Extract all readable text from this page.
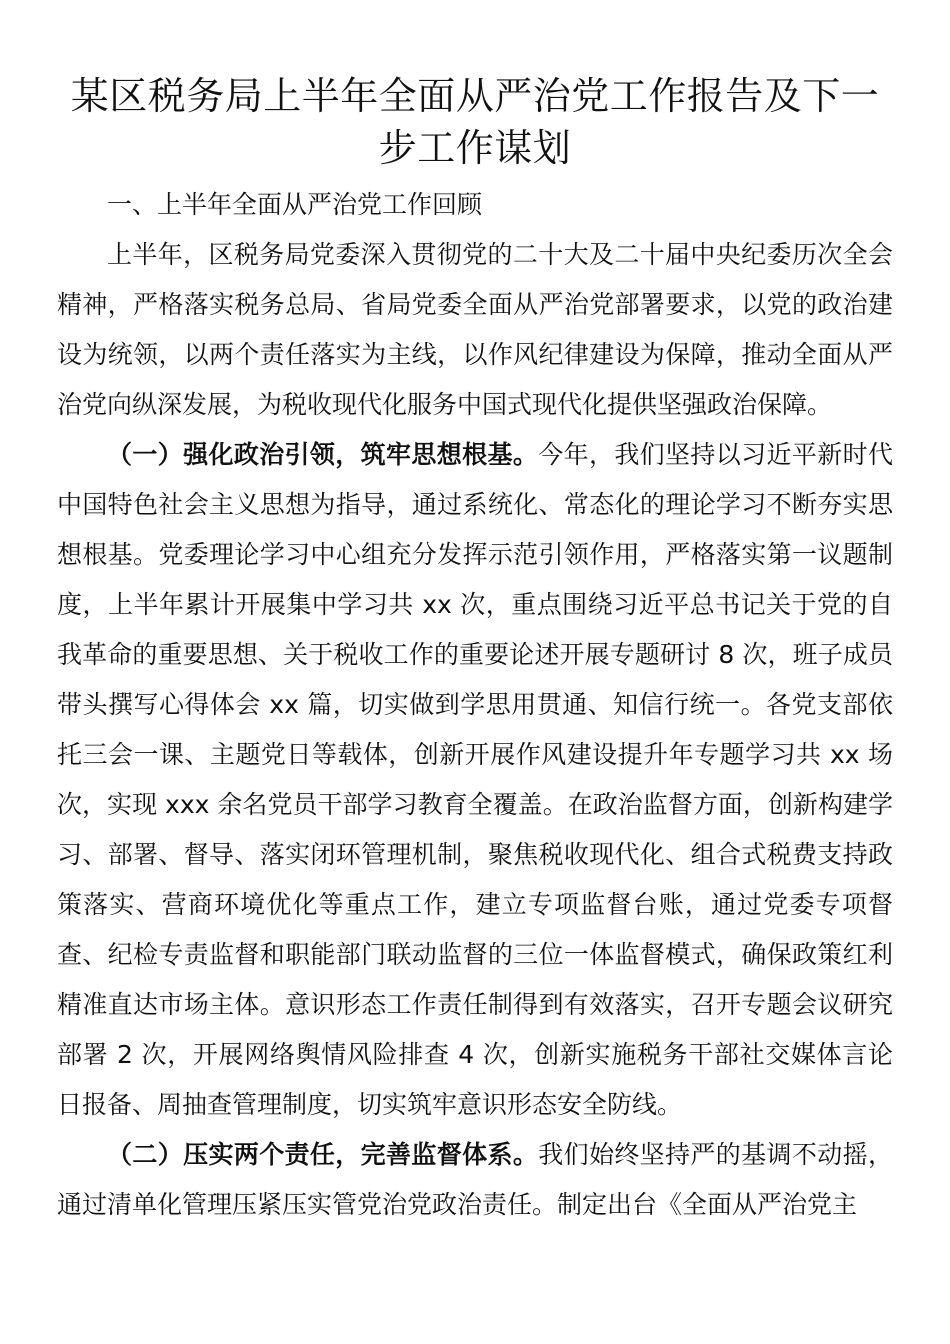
某区税务局上半年全面从严治党工作报告及下一步工作谋划

一、上半年全面从严治党工作回顾

上半年，区税务局党委深入贯彻党的二十大及二十届中央纪委历次全会精神，严格落实税务总局、省局党委全面从严治党部署要求，以党的政治建设为统领，以两个责任落实为主线，以作风纪律建设为保障，推动全面从严治党向纵深发展，为税收现代化服务中国式现代化提供坚强政治保障。

（一）强化政治引领，筑牢思想根基。今年，我们坚持以习近平新时代中国特色社会主义思想为指导，通过系统化、常态化的理论学习不断夯实思想根基。党委理论学习中心组充分发挥示范引领作用，严格落实第一议题制度，上半年累计开展集中学习共 xx 次，重点围绕习近平总书记关于党的自我革命的重要思想、关于税收工作的重要论述开展专题研讨 8 次，班子成员带头撰写心得体会 xx 篇，切实做到学思用贯通、知信行统一。各党支部依托三会一课、主题党日等载体，创新开展作风建设提升年专题学习共 xx 场次，实现 xxx 余名党员干部学习教育全覆盖。在政治监督方面，创新构建学习、部署、督导、落实闭环管理机制，聚焦税收现代化、组合式税费支持政策落实、营商环境优化等重点工作，建立专项监督台账，通过党委专项督查、纪检专责监督和职能部门联动监督的三位一体监督模式，确保政策红利精准直达市场主体。意识形态工作责任制得到有效落实，召开专题会议研究部署 2 次，开展网络舆情风险排查 4 次，创新实施税务干部社交媒体言论日报备、周抽查管理制度，切实筑牢意识形态安全防线。

（二）压实两个责任，完善监督体系。我们始终坚持严的基调不动摇，通过清单化管理压紧压实管党治党政治责任。制定出台《全面从严治党主
